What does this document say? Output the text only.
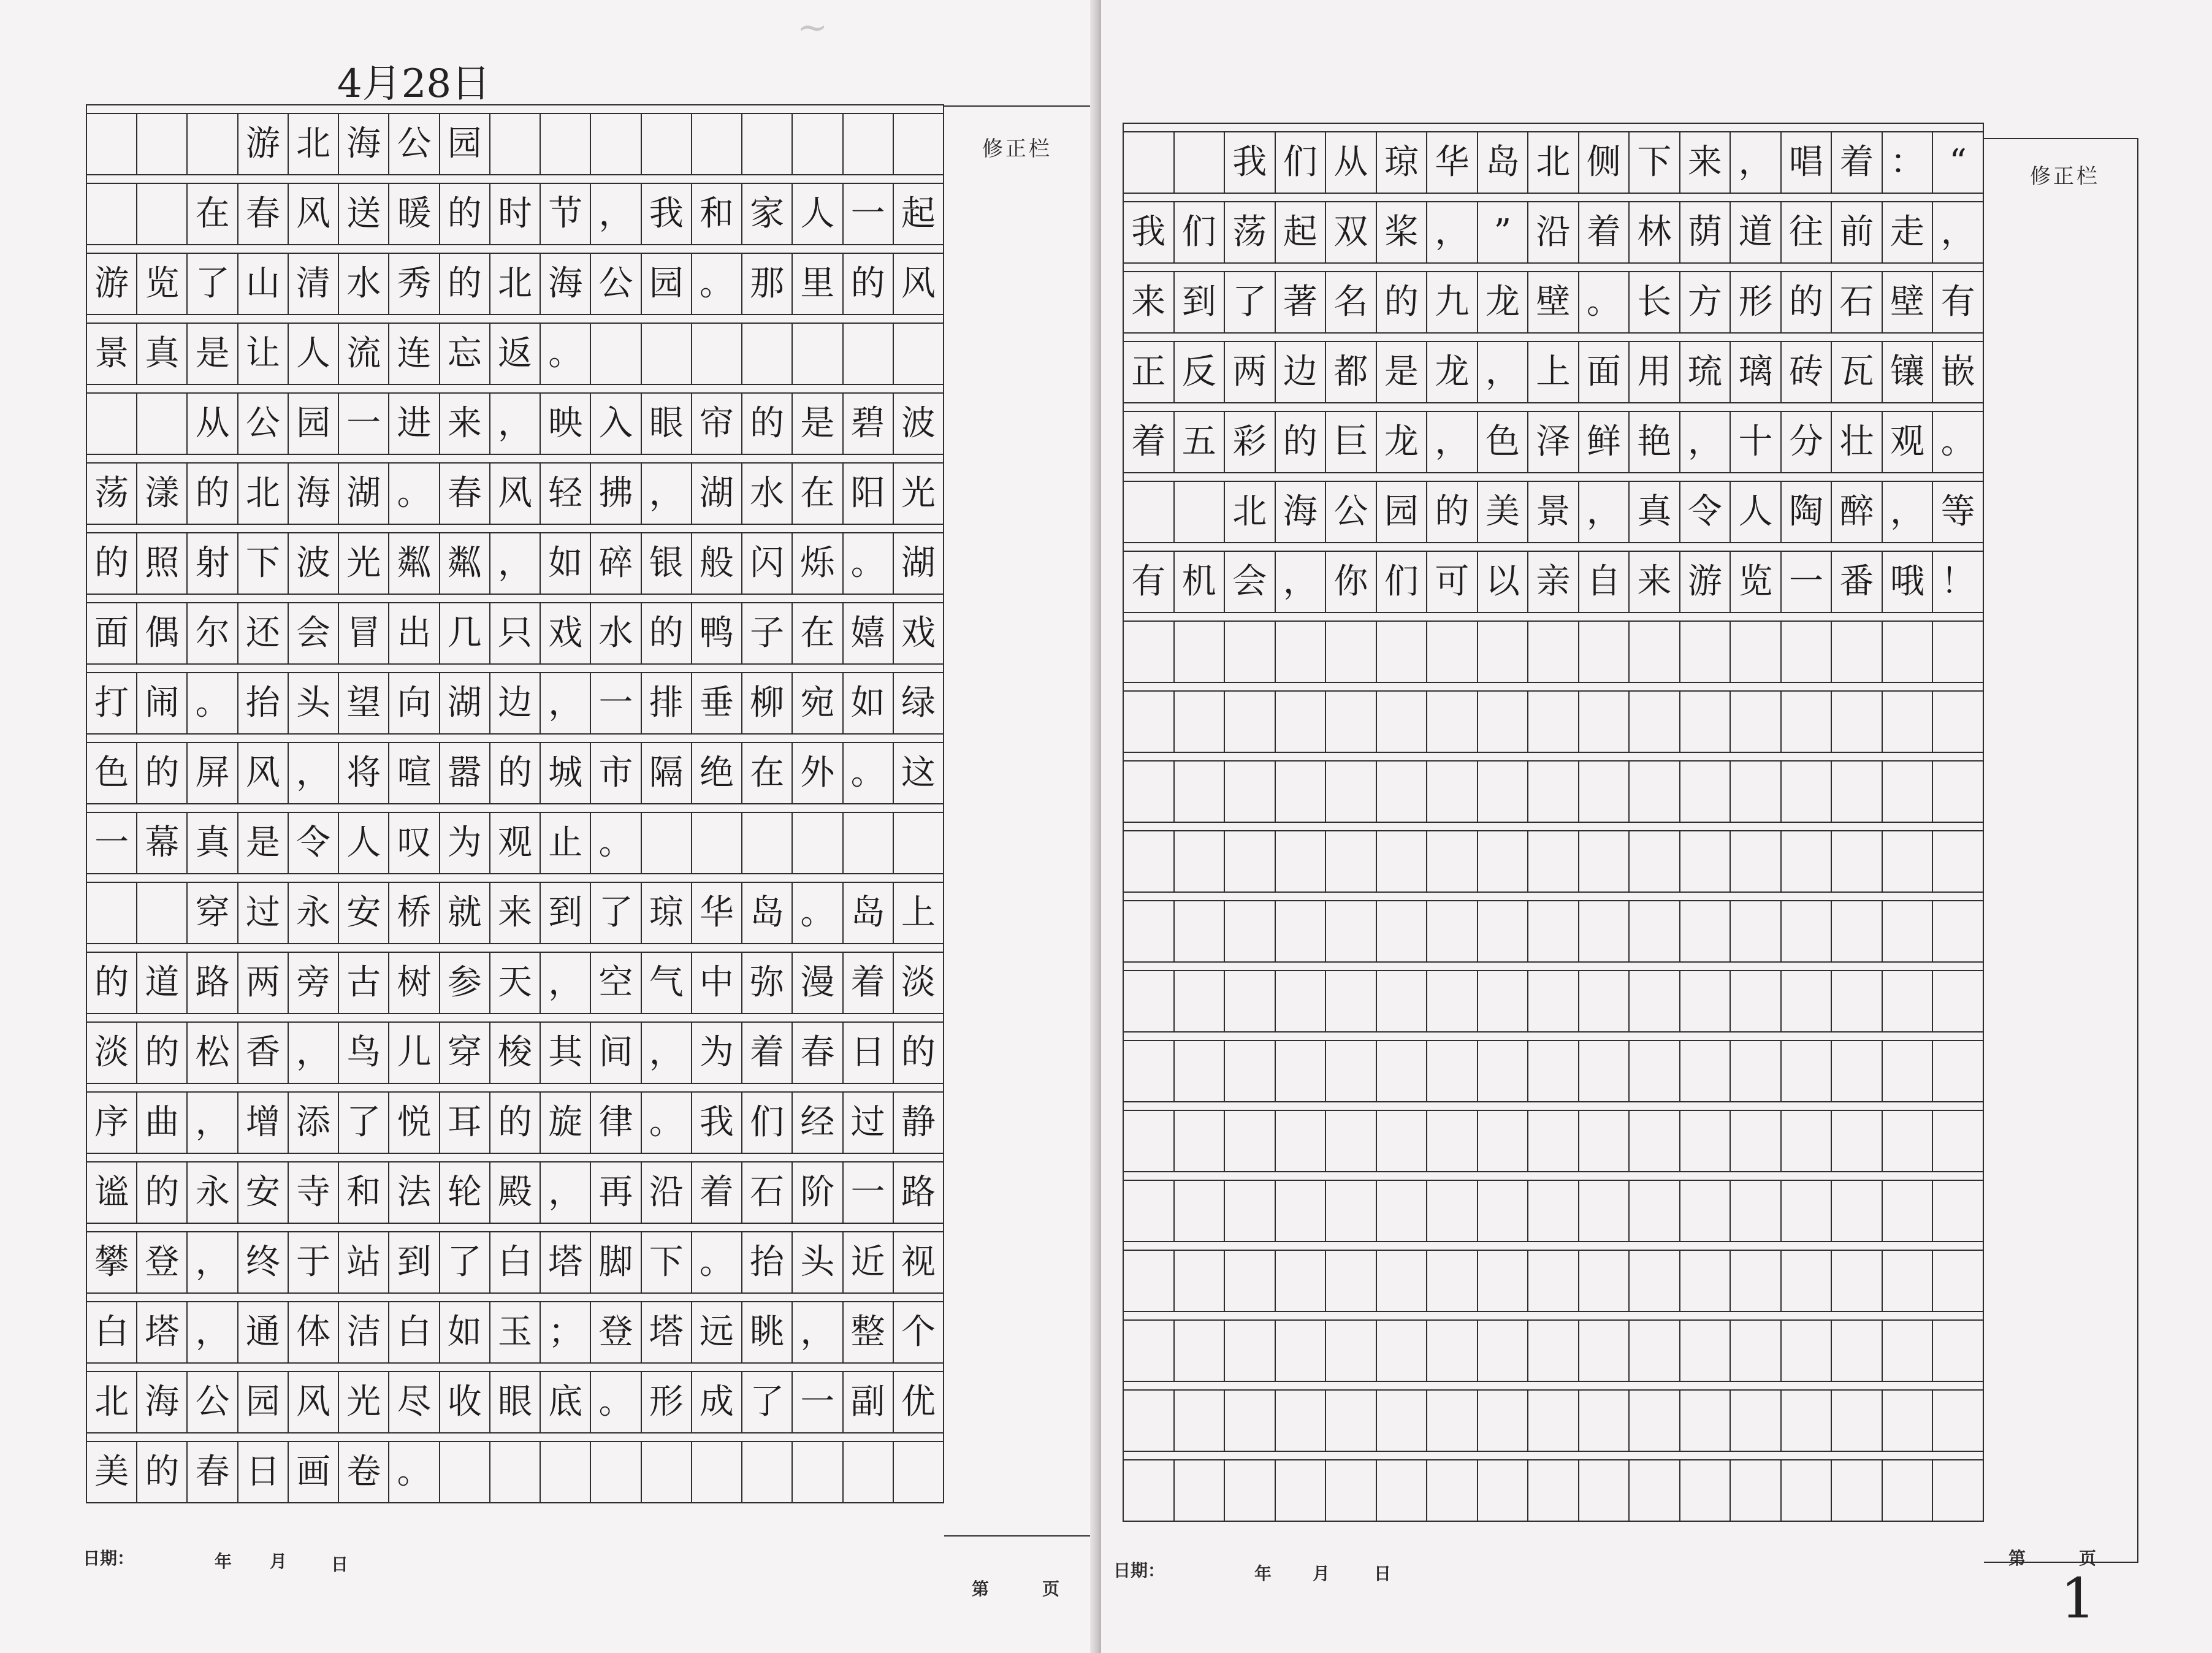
~
4月28日

			游	北	海	公	园									

		在	春	风	送	暖	的	时	节	，	我	和	家	人	一	起

游	览	了	山	清	水	秀	的	北	海	公	园	。	那	里	的	风

景	真	是	让	人	流	连	忘	返	。							

		从	公	园	一	进	来	，	映	入	眼	帘	的	是	碧	波

荡	漾	的	北	海	湖	。	春	风	轻	拂	，	湖	水	在	阳	光

的	照	射	下	波	光	粼	粼	，	如	碎	银	般	闪	烁	。	湖

面	偶	尔	还	会	冒	出	几	只	戏	水	的	鸭	子	在	嬉	戏

打	闹	。	抬	头	望	向	湖	边	，	一	排	垂	柳	宛	如	绿

色	的	屏	风	，	将	喧	嚣	的	城	市	隔	绝	在	外	。	这

一	幕	真	是	令	人	叹	为	观	止	。						

		穿	过	永	安	桥	就	来	到	了	琼	华	岛	。	岛	上

的	道	路	两	旁	古	树	参	天	，	空	气	中	弥	漫	着	淡

淡	的	松	香	，	鸟	儿	穿	梭	其	间	，	为	着	春	日	的

序	曲	，	增	添	了	悦	耳	的	旋	律	。	我	们	经	过	静

谧	的	永	安	寺	和	法	轮	殿	，	再	沿	着	石	阶	一	路

攀	登	，	终	于	站	到	了	白	塔	脚	下	。	抬	头	近	视

白	塔	，	通	体	洁	白	如	玉	；	登	塔	远	眺	，	整	个

北	海	公	园	风	光	尽	收	眼	底	。	形	成	了	一	副	优

美	的	春	日	画	卷	。										
修正栏
日期：	年 月	日
第	页

		我	们	从	琼	华	岛	北	侧	下	来	，	唱	着	：	“

我	们	荡	起	双	桨	，	”	沿	着	林	荫	道	往	前	走	，

来	到	了	著	名	的	九	龙	壁	。	长	方	形	的	石	壁	有

正	反	两	边	都	是	龙	，	上	面	用	琉	璃	砖	瓦	镶	嵌

着	五	彩	的	巨	龙	，	色	泽	鲜	艳	，	十	分	壮	观	。

		北	海	公	园	的	美	景	，	真	令	人	陶	醉	，	等

有	机	会	，	你	们	可	以	亲	自	来	游	览	一	番	哦	！

修正栏
日期：	年 月	日
第	页
1
